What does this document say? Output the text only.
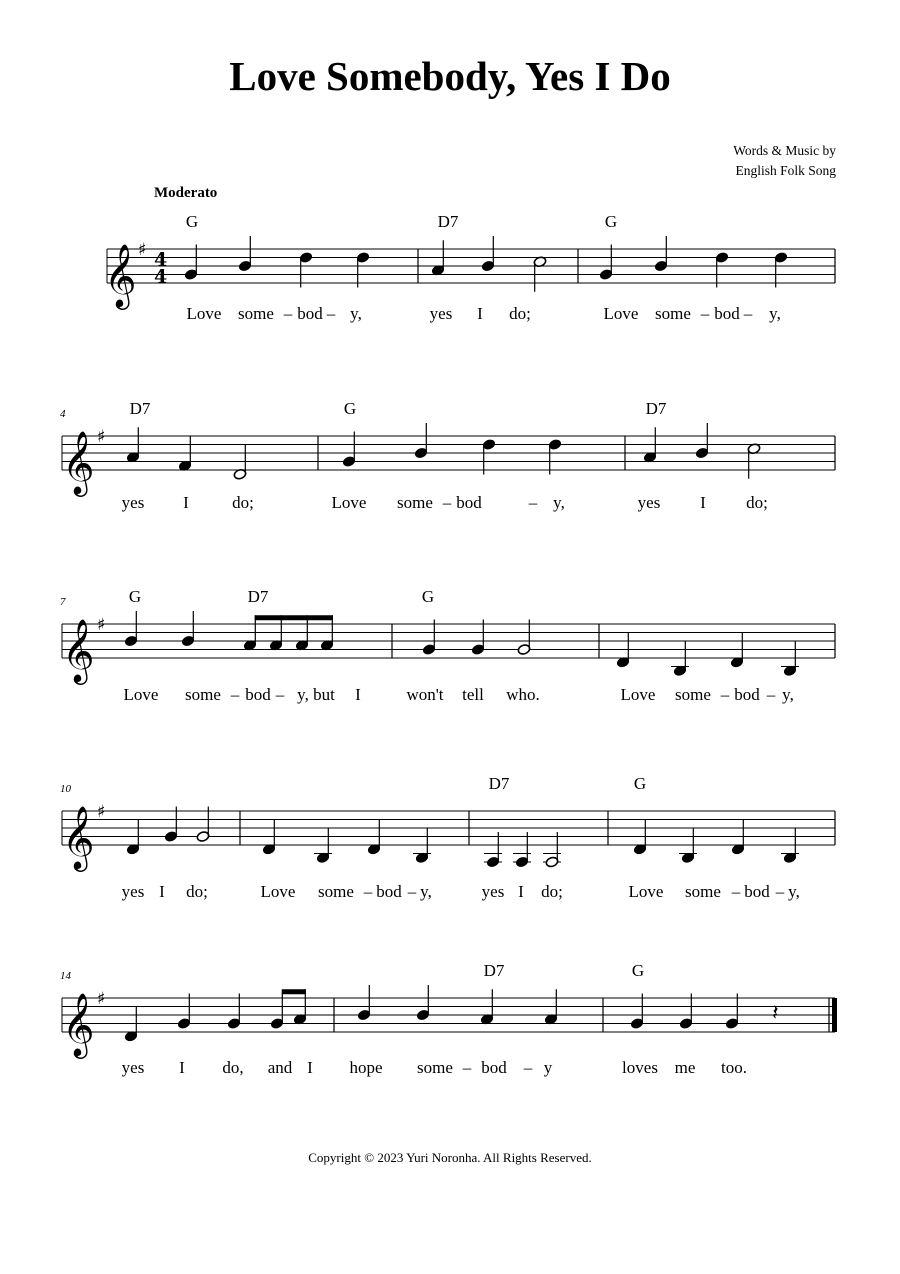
Love Somebody, Yes I Do
Words & Music by
English Folk Song
Moderato
𝄞 ♯ 4
4
G	D7	G
Love some – bod – y,	yes I do;	Love some – bod – y,
𝄞 ♯
4	D7	G	D7
yes I	do;	Love some – bod	– y,	yes I do;
𝄞 ♯
7	G	D7	G
Love some – bod – y, but I	won't tell who.	Love some – bod – y,
𝄞 ♯
10	D7	G
yes I do;	Love some – bod – y,	yes I do;	Love some – bod – y,
𝄞 ♯
14	D7	G
𝄽
yes I do, and I hope some – bod – y	loves me too.
Copyright © 2023 Yuri Noronha. All Rights Reserved.
